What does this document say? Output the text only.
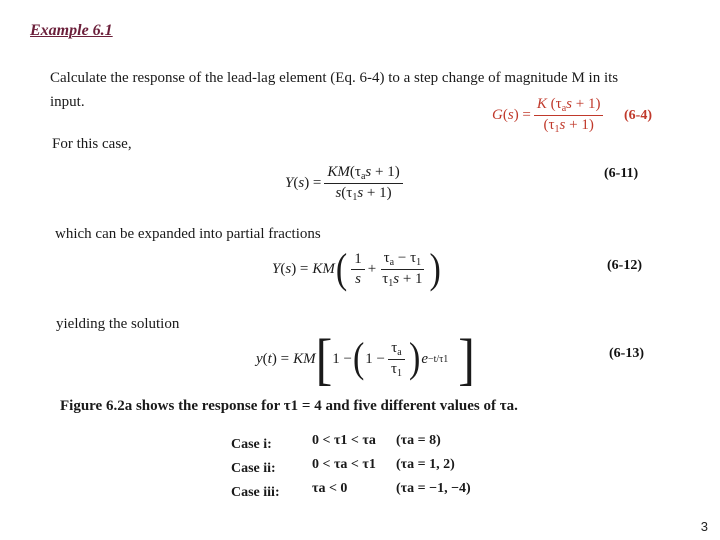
Example 6.1
Calculate the response of the lead-lag element (Eq. 6-4) to a step change of magnitude M in its
input.
G ( s ) = $\frac{K (\tau_as + 1)}{(\tau_1s + 1)} (6-4)$
For this case,
Y ( s ) = $\frac{KM(\tau_as + 1)}{s(\tau_1s + 1)}$	(6-11)
which can be expanded into partial fractions
Y ( s ) = KM ( $\frac{1}{s} + \frac{\tau_a - \tau_1}{\tau_1s + 1}$ )	(6-12)
yielding the solution
y ( t ) = KM [ 1 − ( $1 - \frac{\tau_a}{\tau_1}$ ) e −t/τ1 ]	(6-13)
Figure 6.2a shows the response for τ1 = 4 and five different values of τa.
Case i:	0 < τ1 < τa (τa = 8)
Case ii:	0 < τa < τ1 (τa = 1, 2)
Case iii: τa < 0	(τa = −1, −4)
3
